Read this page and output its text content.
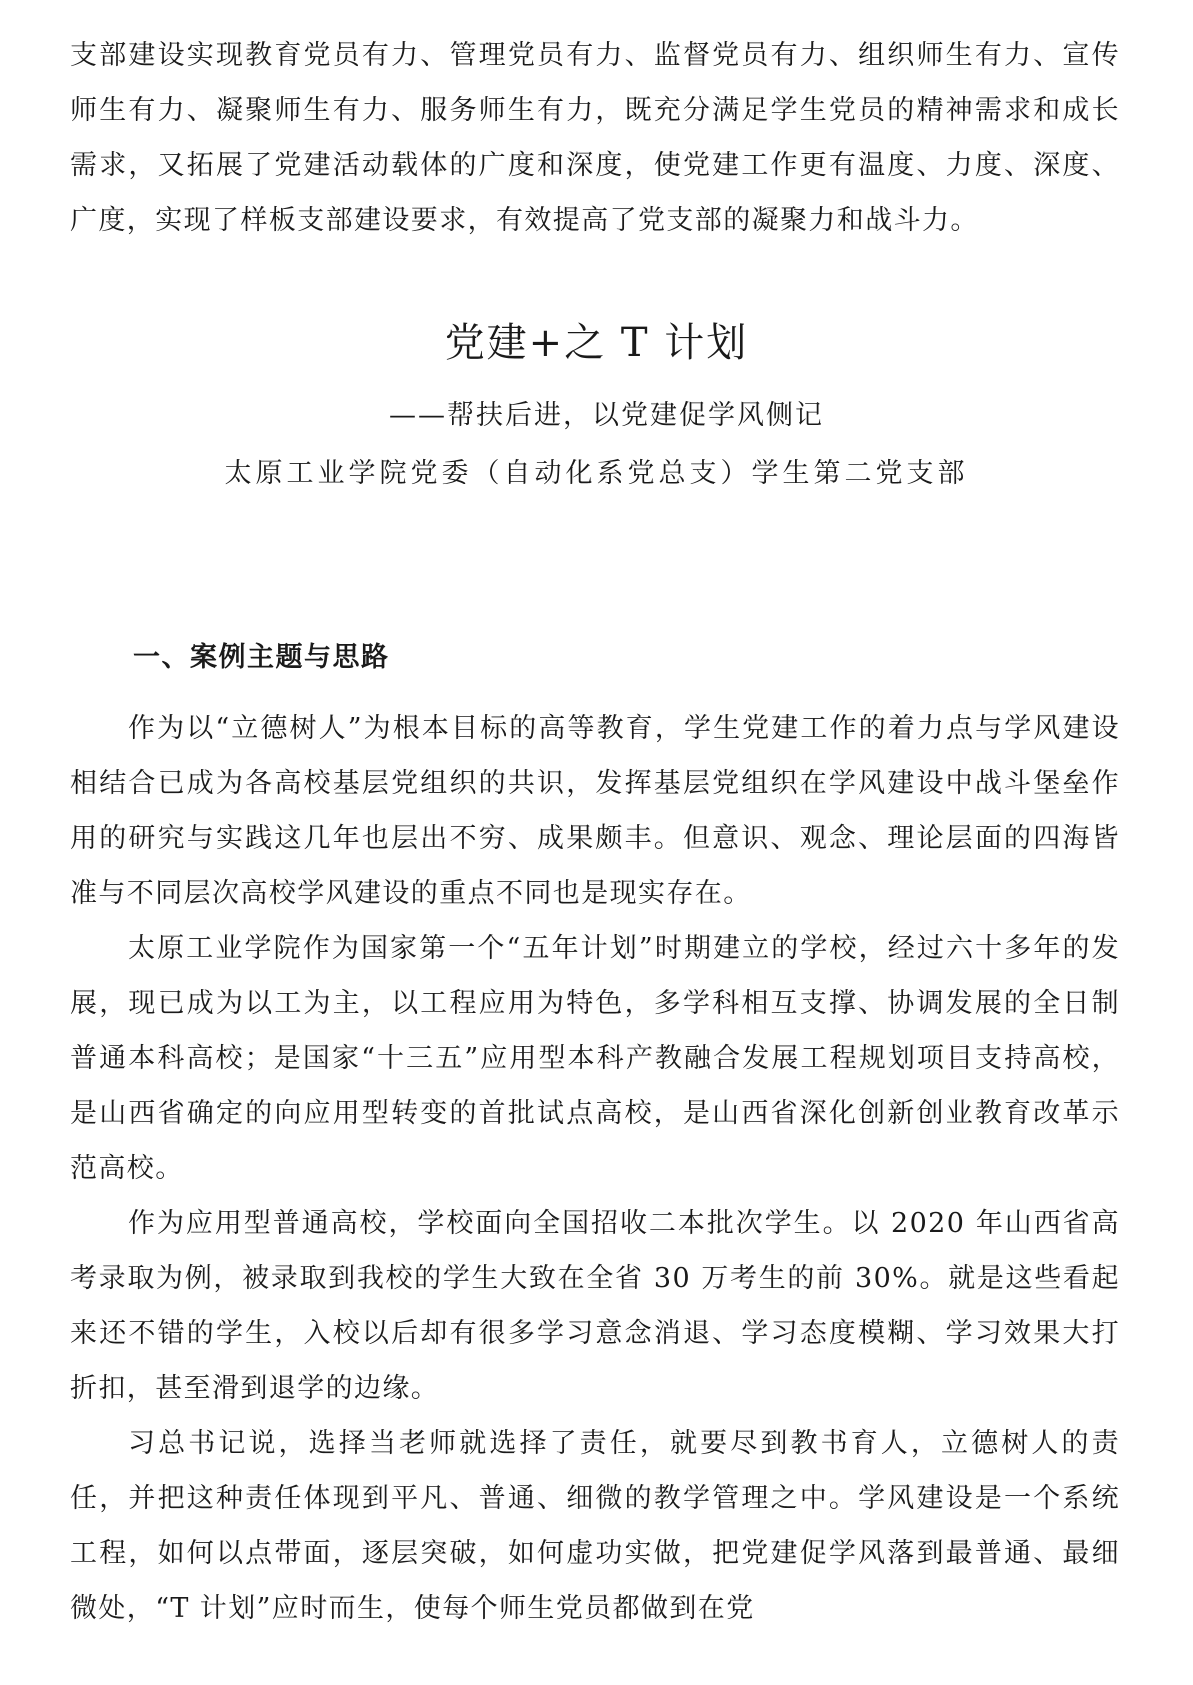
支部建设实现教育党员有力、管理党员有力、监督党员有力、组织师生有力、宣传师生有力、凝聚师生有力、服务师生有力，既充分满足学生党员的精神需求和成长需求，又拓展了党建活动载体的广度和深度，使党建工作更有温度、力度、深度、广度，实现了样板支部建设要求，有效提高了党支部的凝聚力和战斗力。

党建+之 T 计划
——帮扶后进，以党建促学风侧记
太原工业学院党委（自动化系党总支）学生第二党支部
一、案例主题与思路

作为以“立德树人”为根本目标的高等教育，学生党建工作的着力点与学风建设相结合已成为各高校基层党组织的共识，发挥基层党组织在学风建设中战斗堡垒作用的研究与实践这几年也层出不穷、成果颇丰。但意识、观念、理论层面的四海皆准与不同层次高校学风建设的重点不同也是现实存在。

太原工业学院作为国家第一个“五年计划”时期建立的学校，经过六十多年的发展，现已成为以工为主，以工程应用为特色，多学科相互支撑、协调发展的全日制普通本科高校；是国家“十三五”应用型本科产教融合发展工程规划项目支持高校，是山西省确定的向应用型转变的首批试点高校，是山西省深化创新创业教育改革示范高校。

作为应用型普通高校，学校面向全国招收二本批次学生。以 2020 年山西省高考录取为例，被录取到我校的学生大致在全省 30 万考生的前 30%。就是这些看起来还不错的学生，入校以后却有很多学习意念消退、学习态度模糊、学习效果大打折扣，甚至滑到退学的边缘。

习总书记说，选择当老师就选择了责任，就要尽到教书育人，立德树人的责任，并把这种责任体现到平凡、普通、细微的教学管理之中。学风建设是一个系统工程，如何以点带面，逐层突破，如何虚功实做，把党建促学风落到最普通、最细微处，“T 计划”应时而生，使每个师生党员都做到在党
